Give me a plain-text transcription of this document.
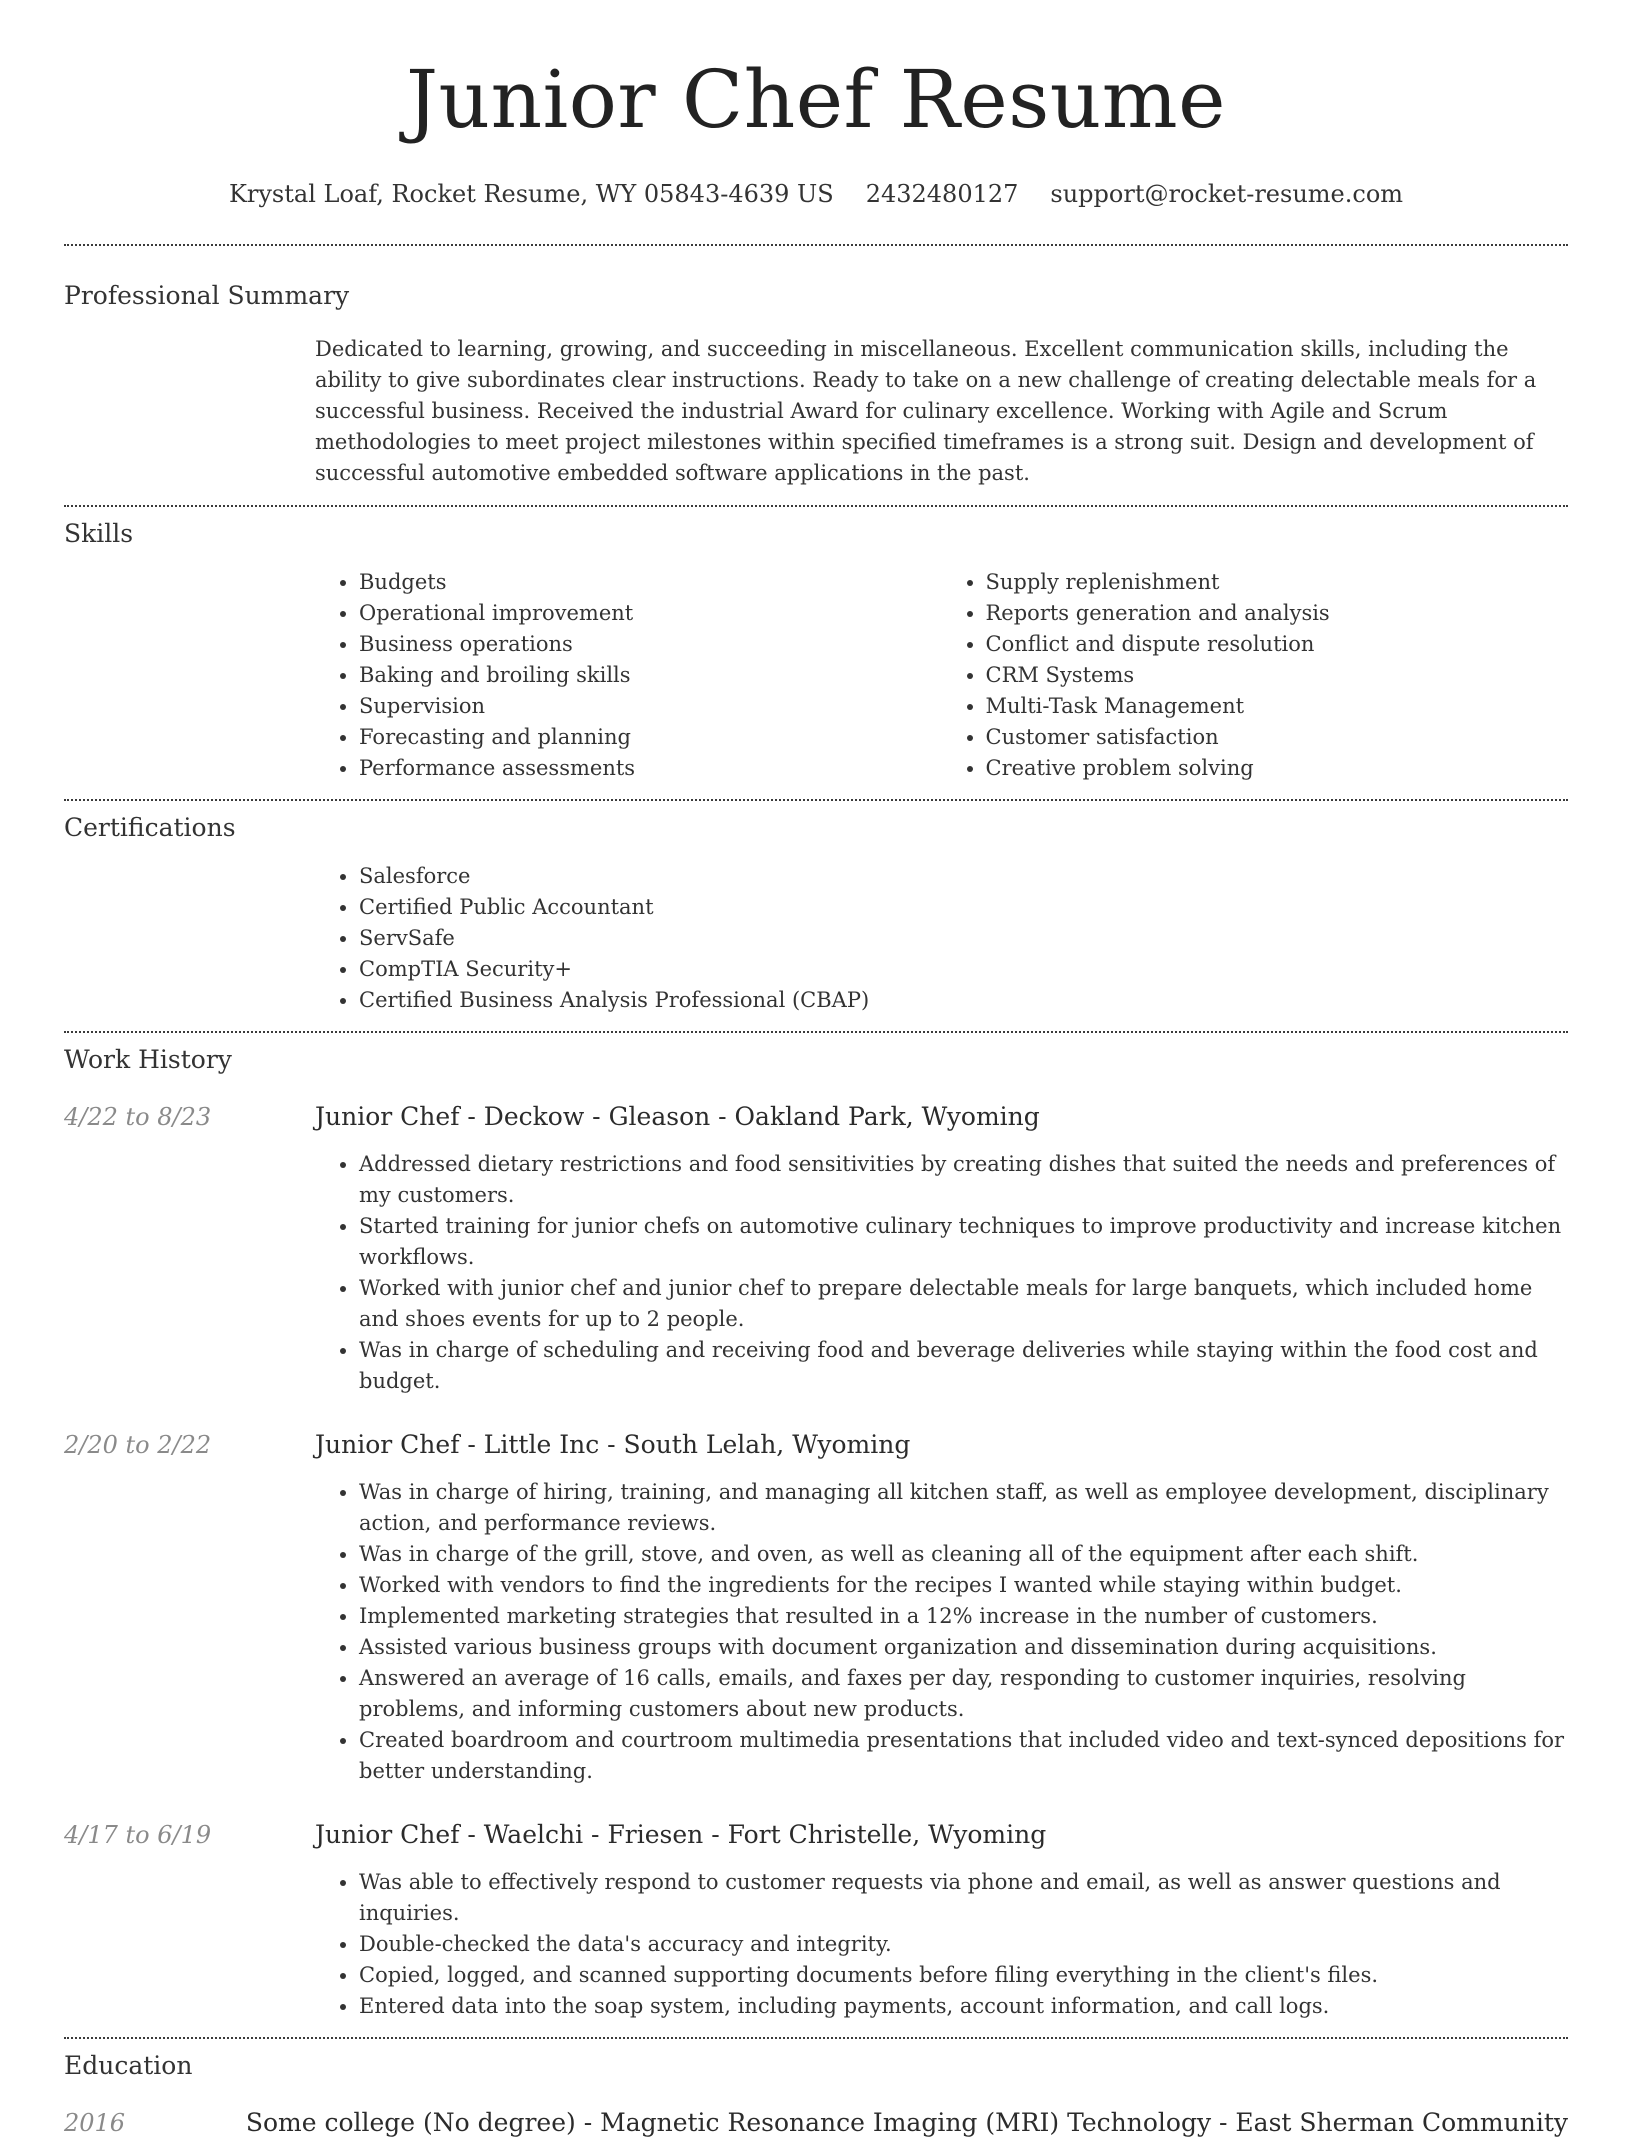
Junior Chef Resume
Krystal Loaf, Rocket Resume, WY 05843-4639 US 2432480127 support@rocket-resume.com
Professional Summary
Dedicated to learning, growing, and succeeding in miscellaneous. Excellent communication skills, including the ability to give subordinates clear instructions. Ready to take on a new challenge of creating delectable meals for a successful business. Received the industrial Award for culinary excellence. Working with Agile and Scrum methodologies to meet project milestones within specified timeframes is a strong suit. Design and development of successful automotive embedded software applications in the past.
Skills
• Budgets
• Operational improvement
• Business operations
• Baking and broiling skills
• Supervision
• Forecasting and planning
• Performance assessments
• Supply replenishment
• Reports generation and analysis
• Conflict and dispute resolution
• CRM Systems
• Multi-Task Management
• Customer satisfaction
• Creative problem solving
Certifications
• Salesforce
• Certified Public Accountant
• ServSafe
• CompTIA Security+
• Certified Business Analysis Professional (CBAP)
Work History
4/22 to 8/23	Junior Chef - Deckow - Gleason - Oakland Park, Wyoming
• Addressed dietary restrictions and food sensitivities by creating dishes that suited the needs and preferences of my customers.
• Started training for junior chefs on automotive culinary techniques to improve productivity and increase kitchen workflows.
• Worked with junior chef and junior chef to prepare delectable meals for large banquets, which included home and shoes events for up to 2 people.
• Was in charge of scheduling and receiving food and beverage deliveries while staying within the food cost and budget.
2/20 to 2/22	Junior Chef - Little Inc - South Lelah, Wyoming
• Was in charge of hiring, training, and managing all kitchen staff, as well as employee development, disciplinary action, and performance reviews.
• Was in charge of the grill, stove, and oven, as well as cleaning all of the equipment after each shift.
• Worked with vendors to find the ingredients for the recipes I wanted while staying within budget.
• Implemented marketing strategies that resulted in a 12% increase in the number of customers.
• Assisted various business groups with document organization and dissemination during acquisitions.
• Answered an average of 16 calls, emails, and faxes per day, responding to customer inquiries, resolving problems, and informing customers about new products.
• Created boardroom and courtroom multimedia presentations that included video and text-synced depositions for better understanding.
4/17 to 6/19	Junior Chef - Waelchi - Friesen - Fort Christelle, Wyoming
• Was able to effectively respond to customer requests via phone and email, as well as answer questions and inquiries.
• Double-checked the data's accuracy and integrity.
• Copied, logged, and scanned supporting documents before filing everything in the client's files.
• Entered data into the soap system, including payments, account information, and call logs.
Education
2016	Some college (No degree) - Magnetic Resonance Imaging (MRI) Technology - East Sherman Community
